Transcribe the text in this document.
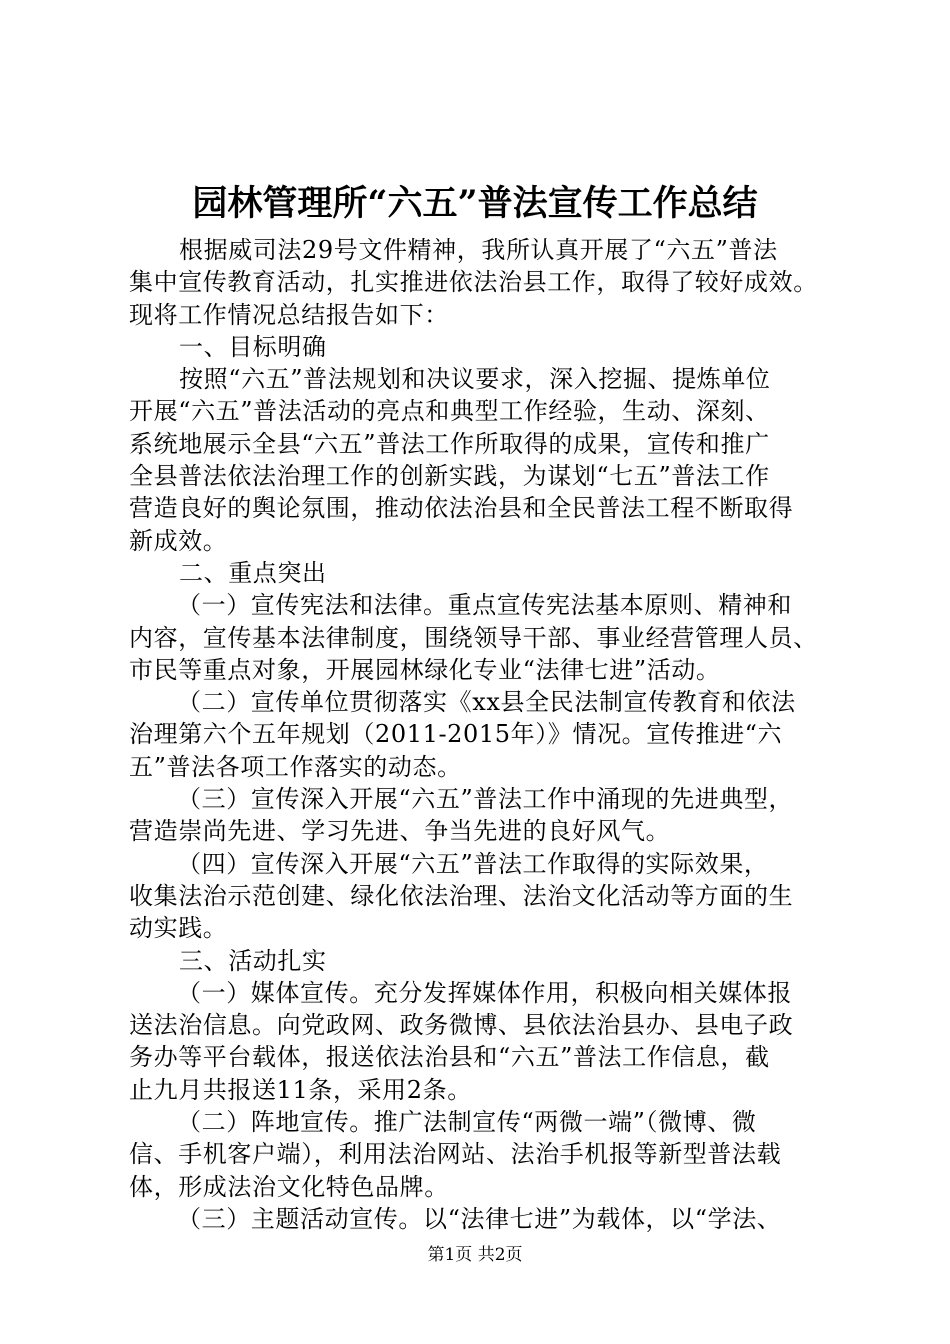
园林管理所“六五”普法宣传工作总结
根据威司法29号文件精神，我所认真开展了“六五”普法
集中宣传教育活动，扎实推进依法治县工作，取得了较好成效。
现将工作情况总结报告如下：
一、目标明确
按照“六五”普法规划和决议要求，深入挖掘、提炼单位
开展“六五”普法活动的亮点和典型工作经验，生动、深刻、
系统地展示全县“六五”普法工作所取得的成果，宣传和推广
全县普法依法治理工作的创新实践，为谋划“七五”普法工作
营造良好的舆论氛围，推动依法治县和全民普法工程不断取得
新成效。
二、重点突出
（一）宣传宪法和法律。重点宣传宪法基本原则、精神和
内容，宣传基本法律制度，围绕领导干部、事业经营管理人员、
市民等重点对象，开展园林绿化专业“法律七进”活动。
（二）宣传单位贯彻落实《xx县全民法制宣传教育和依法
治理第六个五年规划（2011-2015年）》情况。宣传推进“六
五”普法各项工作落实的动态。
（三）宣传深入开展“六五”普法工作中涌现的先进典型，
营造崇尚先进、学习先进、争当先进的良好风气。
（四）宣传深入开展“六五”普法工作取得的实际效果，
收集法治示范创建、绿化依法治理、法治文化活动等方面的生
动实践。
三、活动扎实
（一）媒体宣传。充分发挥媒体作用，积极向相关媒体报
送法治信息。向党政网、政务微博、县依法治县办、县电子政
务办等平台载体，报送依法治县和“六五”普法工作信息，截
止九月共报送11条，采用2条。
（二）阵地宣传。推广法制宣传“两微一端”（微博、微
信、手机客户端），利用法治网站、法治手机报等新型普法载
体，形成法治文化特色品牌。
（三）主题活动宣传。以“法律七进”为载体，以“学法、
第1页 共2页
